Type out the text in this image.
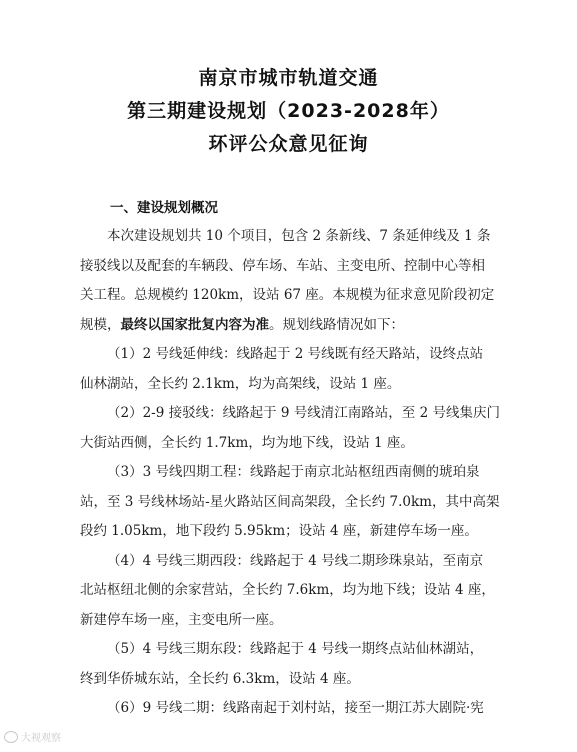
南京市城市轨道交通
第三期建设规划（2023-2028年）
环评公众意见征询
一、建设规划概况
本次建设规划共 10 个项目，包含 2 条新线、7 条延伸线及 1 条
接驳线以及配套的车辆段、停车场、车站、主变电所、控制中心等相
关工程。总规模约 120km，设站 67 座。本规模为征求意见阶段初定
规模，最终以国家批复内容为准。规划线路情况如下：
（1）2 号线延伸线：线路起于 2 号线既有经天路站，设终点站
仙林湖站，全长约 2.1km，均为高架线，设站 1 座。
（2）2-9 接驳线：线路起于 9 号线清江南路站，至 2 号线集庆门
大街站西侧，全长约 1.7km，均为地下线，设站 1 座。
（3）3 号线四期工程：线路起于南京北站枢纽西南侧的琥珀泉
站，至 3 号线林场站-星火路站区间高架段，全长约 7.0km，其中高架
段约 1.05km，地下段约 5.95km；设站 4 座，新建停车场一座。
（4）4 号线三期西段：线路起于 4 号线二期珍珠泉站，至南京
北站枢纽北侧的余家营站，全长约 7.6km，均为地下线；设站 4 座，
新建停车场一座，主变电所一座。
（5）4 号线三期东段：线路起于 4 号线一期终点站仙林湖站，
终到华侨城东站，全长约 6.3km，设站 4 座。
（6）9 号线二期：线路南起于刘村站，接至一期江苏大剧院·宪
大视观察
